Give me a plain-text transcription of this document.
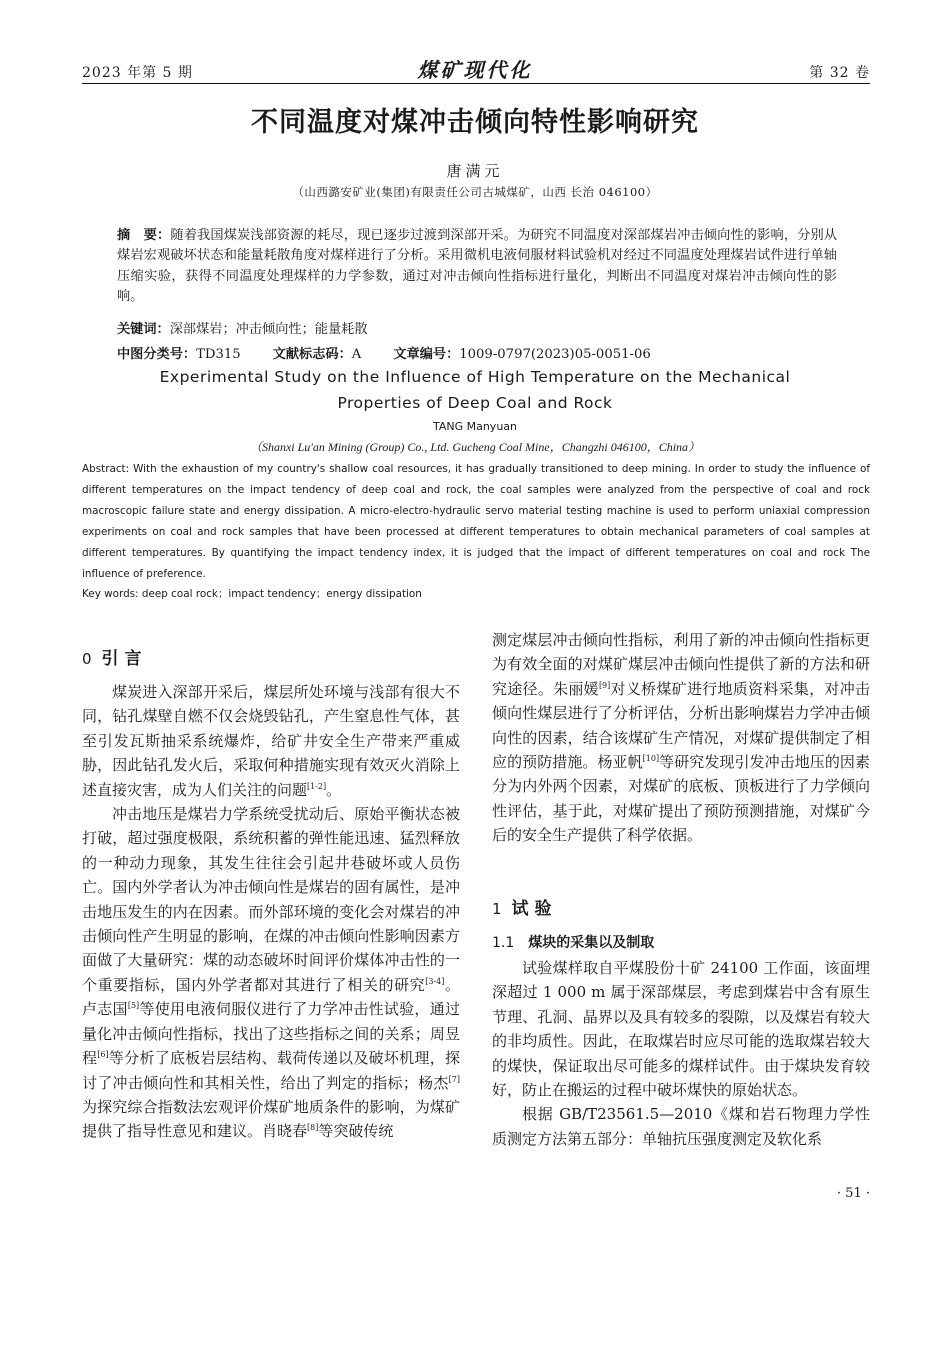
2023 年第 5 期	煤矿现代化	第 32 卷
不同温度对煤冲击倾向特性影响研究
唐满元
（山西潞安矿业(集团)有限责任公司古城煤矿，山西 长治 046100）
摘　要：随着我国煤炭浅部资源的耗尽，现已逐步过渡到深部开采。为研究不同温度对深部煤岩冲击倾向性的影响，分别从煤岩宏观破坏状态和能量耗散角度对煤样进行了分析。采用微机电液伺服材料试验机对经过不同温度处理煤岩试件进行单轴压缩实验，获得不同温度处理煤样的力学参数，通过对冲击倾向性指标进行量化，判断出不同温度对煤岩冲击倾向性的影响。
关键词：深部煤岩；冲击倾向性；能量耗散
中图分类号：TD315 文献标志码：A 文章编号：1009-0797(2023)05-0051-06
Experimental Study on the Influence of High Temperature on the Mechanical
Properties of Deep Coal and Rock
TANG Manyuan
（Shanxi Lu'an Mining (Group) Co., Ltd. Gucheng Coal Mine，Changzhi 046100，China）
Abstract: With the exhaustion of my country's shallow coal resources, it has gradually transitioned to deep mining. In order to study the influence of different temperatures on the impact tendency of deep coal and rock, the coal samples were analyzed from the perspective of coal and rock macroscopic failure state and energy dissipation. A micro-electro-hydraulic servo material testing machine is used to perform uniaxial compression experiments on coal and rock samples that have been processed at different temperatures to obtain mechanical parameters of coal samples at different temperatures. By quantifying the impact tendency index, it is judged that the impact of different temperatures on coal and rock The influence of preference.
Key words: deep coal rock；impact tendency；energy dissipation
0 引言

煤炭进入深部开采后，煤层所处环境与浅部有很大不同，钻孔煤壁自燃不仅会烧毁钻孔，产生窒息性气体，甚至引发瓦斯抽采系统爆炸，给矿井安全生产带来严重威胁，因此钻孔发火后，采取何种措施实现有效灭火消除上述直接灾害，成为人们关注的问题[1-2]。

冲击地压是煤岩力学系统受扰动后、原始平衡状态被打破，超过强度极限，系统积蓄的弹性能迅速、猛烈释放的一种动力现象，其发生往往会引起井巷破坏或人员伤亡。国内外学者认为冲击倾向性是煤岩的固有属性，是冲击地压发生的内在因素。而外部环境的变化会对煤岩的冲击倾向性产生明显的影响，在煤的冲击倾向性影响因素方面做了大量研究：煤的动态破坏时间评价煤体冲击性的一个重要指标，国内外学者都对其进行了相关的研究[3-4]。卢志国[5]等使用电液伺服仪进行了力学冲击性试验，通过量化冲击倾向性指标，找出了这些指标之间的关系；周昱程[6]等分析了底板岩层结构、载荷传递以及破坏机理，探讨了冲击倾向性和其相关性，给出了判定的指标；杨杰[7]为探究综合指数法宏观评价煤矿地质条件的影响，为煤矿提供了指导性意见和建议。肖晓春[8]等突破传统

测定煤层冲击倾向性指标，利用了新的冲击倾向性指标更为有效全面的对煤矿煤层冲击倾向性提供了新的方法和研究途径。朱丽媛[9]对义桥煤矿进行地质资料采集，对冲击倾向性煤层进行了分析评估，分析出影响煤岩力学冲击倾向性的因素，结合该煤矿生产情况，对煤矿提供制定了相应的预防措施。杨亚帆[10]等研究发现引发冲击地压的因素分为内外两个因素，对煤矿的底板、顶板进行了力学倾向性评估，基于此，对煤矿提出了预防预测措施，对煤矿今后的安全生产提供了科学依据。

1 试验
1.1 煤块的采集以及制取

试验煤样取自平煤股份十矿 24100 工作面，该面埋深超过 1 000 m 属于深部煤层，考虑到煤岩中含有原生节理、孔洞、晶界以及具有较多的裂隙，以及煤岩有较大的非均质性。因此，在取煤岩时应尽可能的选取煤岩较大的煤快，保证取出尽可能多的煤样试件。由于煤块发育较好，防止在搬运的过程中破坏煤快的原始状态。

根据 GB/T23561.5—2010《煤和岩石物理力学性质测定方法第五部分：单轴抗压强度测定及软化系

· 51 ·
